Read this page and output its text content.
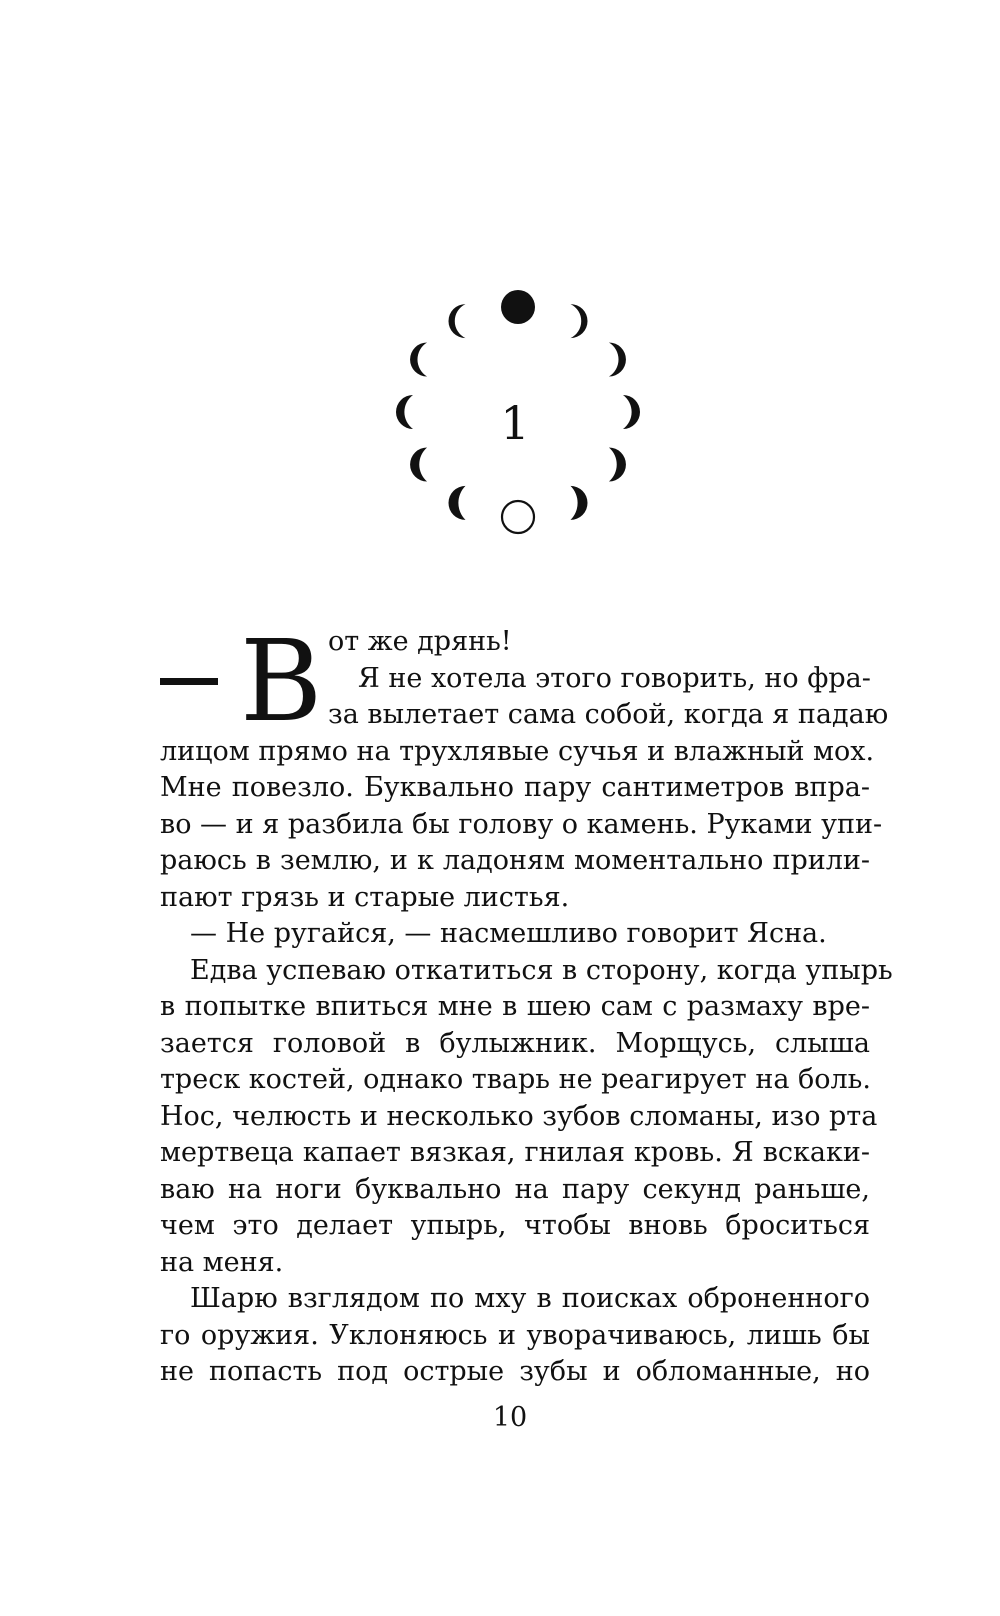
1
В от же дрянь!
Я не хотела этого говорить, но фра-
за вылетает сама собой, когда я падаю
лицом прямо на трухлявые сучья и влажный мох.
Мне повезло. Буквально пару сантиметров впра-
во — и я разбила бы голову о камень. Руками упи-
раюсь в землю, и к ладоням моментально прили-
пают грязь и старые листья.
— Не ругайся, — насмешливо говорит Ясна.
Едва успеваю откатиться в сторону, когда упырь
в попытке впиться мне в шею сам с размаху вре-
зается головой в булыжник. Морщусь, слыша
треск костей, однако тварь не реагирует на боль.
Нос, челюсть и несколько зубов сломаны, изо рта
мертвеца капает вязкая, гнилая кровь. Я вскаки-
ваю на ноги буквально на пару секунд раньше,
чем это делает упырь, чтобы вновь броситься
на меня.
Шарю взглядом по мху в поисках оброненного
го оружия. Уклоняюсь и уворачиваюсь, лишь бы
не попасть под острые зубы и обломанные, но
10
